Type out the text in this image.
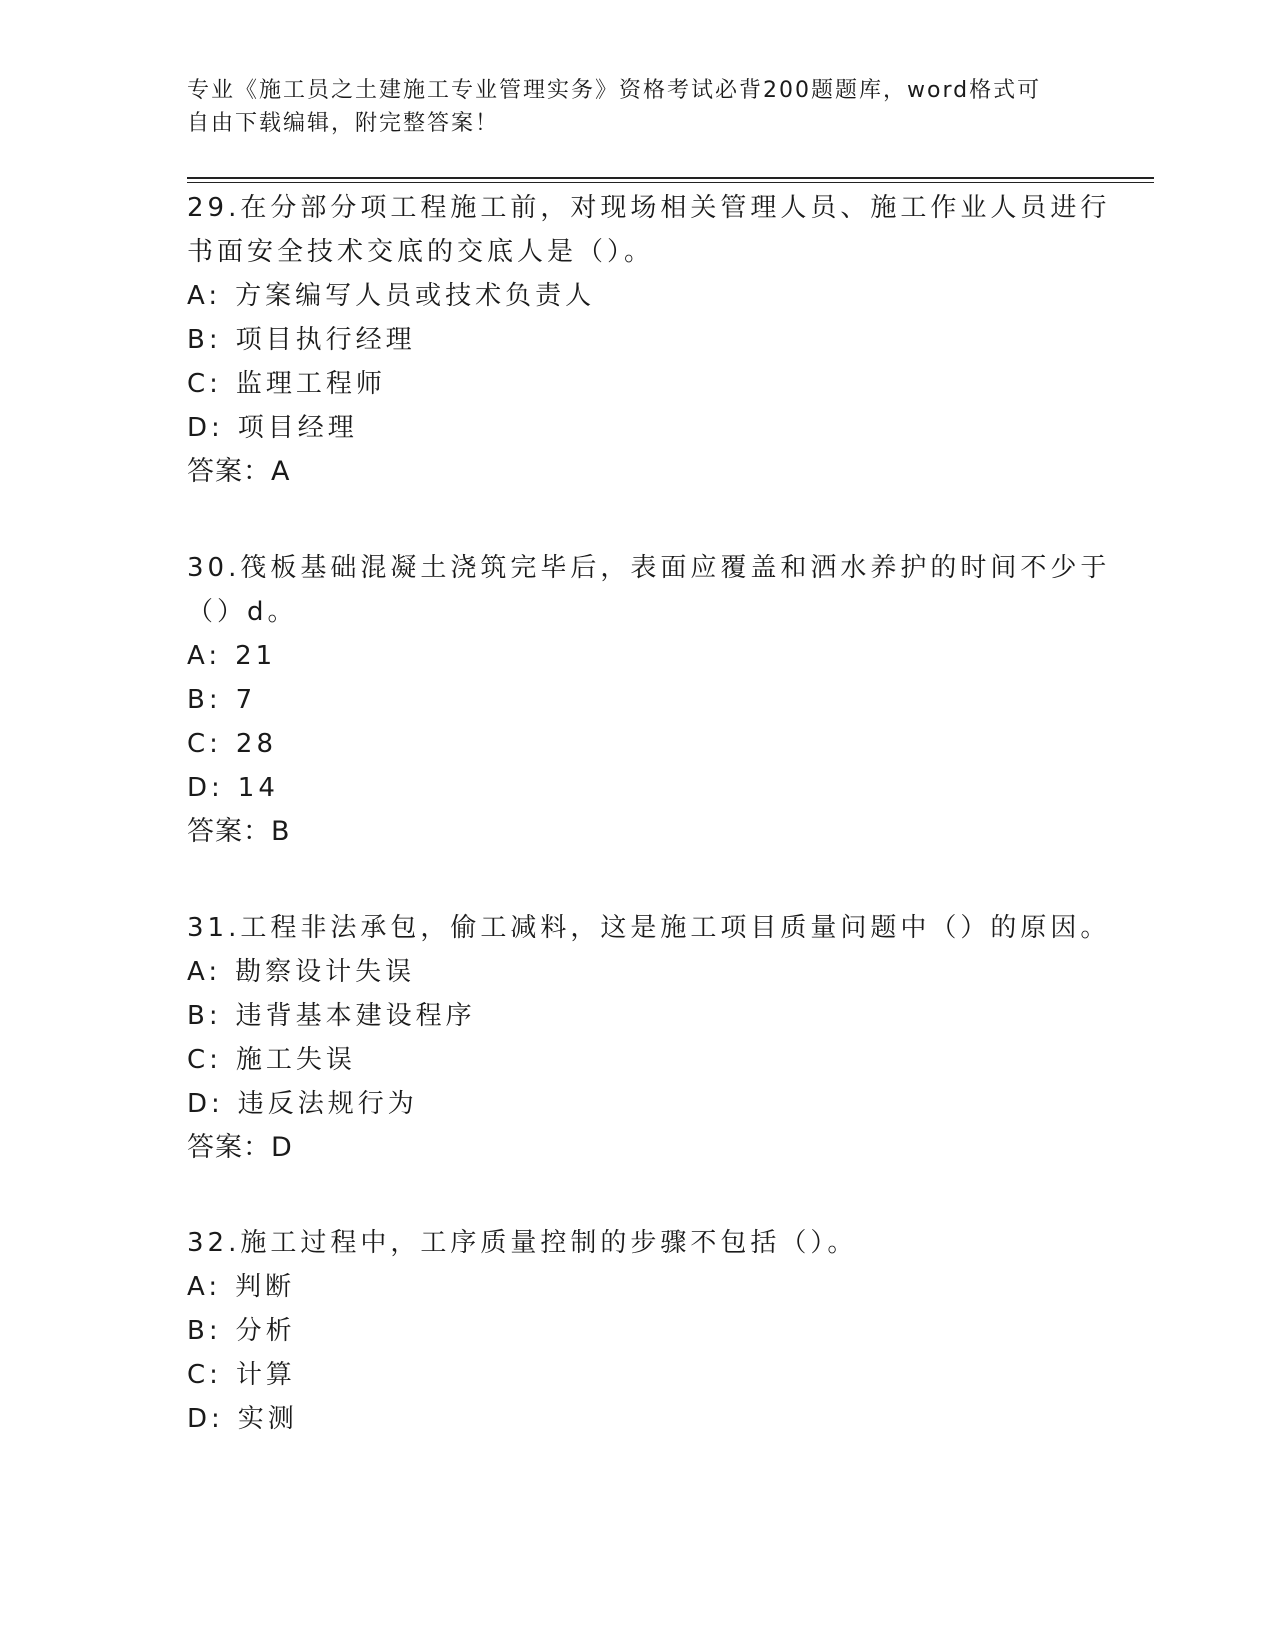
专业《施工员之土建施工专业管理实务》资格考试必背200题题库，word格式可
自由下载编辑，附完整答案！
29.在分部分项工程施工前，对现场相关管理人员、施工作业人员进行
书面安全技术交底的交底人是（）。
A: 方案编写人员或技术负责人
B: 项目执行经理
C: 监理工程师
D: 项目经理
答案：A
30.筏板基础混凝土浇筑完毕后，表面应覆盖和洒水养护的时间不少于
（）d。
A: 21
B: 7
C: 28
D: 14
答案：B
31.工程非法承包，偷工减料，这是施工项目质量问题中（）的原因。
A: 勘察设计失误
B: 违背基本建设程序
C: 施工失误
D: 违反法规行为
答案：D
32.施工过程中，工序质量控制的步骤不包括（）。
A: 判断
B: 分析
C: 计算
D: 实测
